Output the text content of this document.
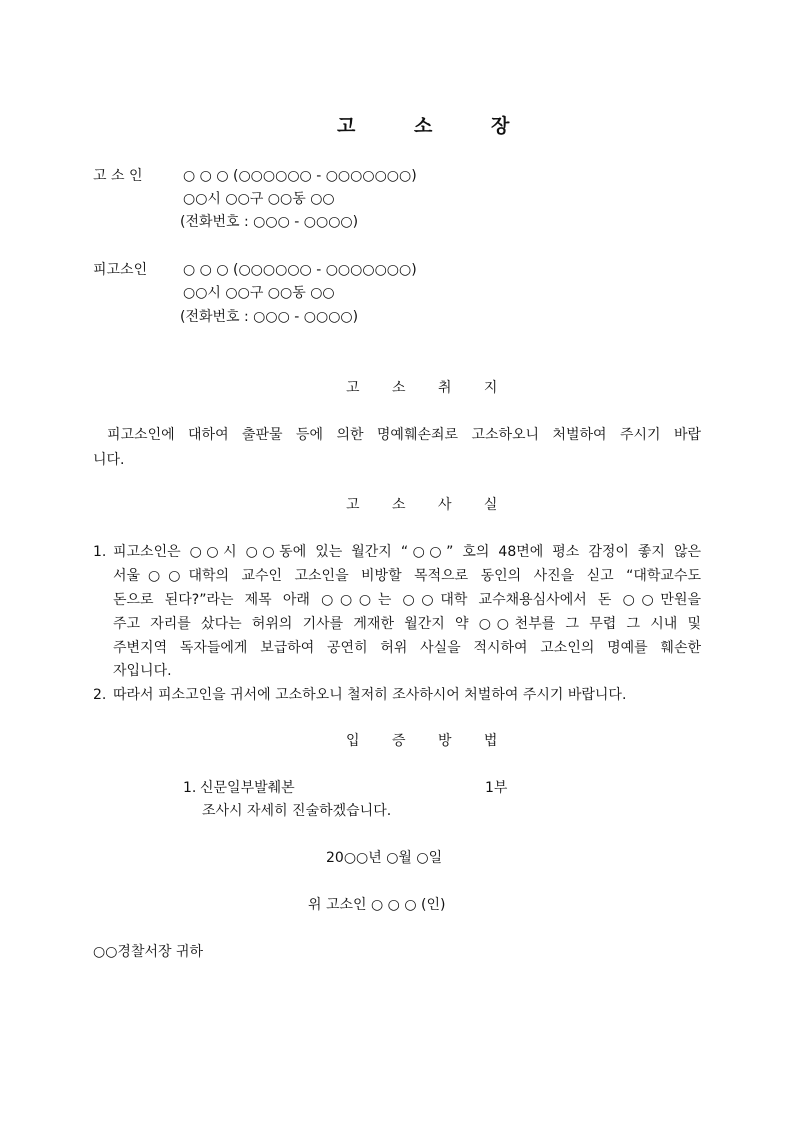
고 소 장
고 소 인	○ ○ ○ (○○○○○○ - ○○○○○○○)
○○시 ○○구 ○○동 ○○
(전화번호 : ○○○ - ○○○○)
피고소인	○ ○ ○ (○○○○○○ - ○○○○○○○)
○○시 ○○구 ○○동 ○○
(전화번호 : ○○○ - ○○○○)
고 소 취 지
피고소인에 대하여 출판물 등에 의한 명예훼손죄로 고소하오니 처벌하여 주시기 바랍
니다.
고 소 사 실
1. 피고소인은 ○○시 ○○동에 있는 월간지 “○○” 호의 48면에 평소 감정이 좋지 않은
서울○○대학의 교수인 고소인을 비방할 목적으로 동인의 사진을 싣고 “대학교수도
돈으로 된다?”라는 제목 아래 ○○○는 ○○대학 교수채용심사에서 돈 ○○만원을
주고 자리를 샀다는 허위의 기사를 게재한 월간지 약 ○○천부를 그 무렵 그 시내 및
주변지역 독자들에게 보급하여 공연히 허위 사실을 적시하여 고소인의 명예를 훼손한
자입니다.
2. 따라서 피소고인을 귀서에 고소하오니 철저히 조사하시어 처벌하여 주시기 바랍니다.
입 증 방 법
1. 신문일부발췌본	1부
조사시 자세히 진술하겠습니다.
20○○년 ○월 ○일
위 고소인 ○ ○ ○ (인)
○○경찰서장 귀하
